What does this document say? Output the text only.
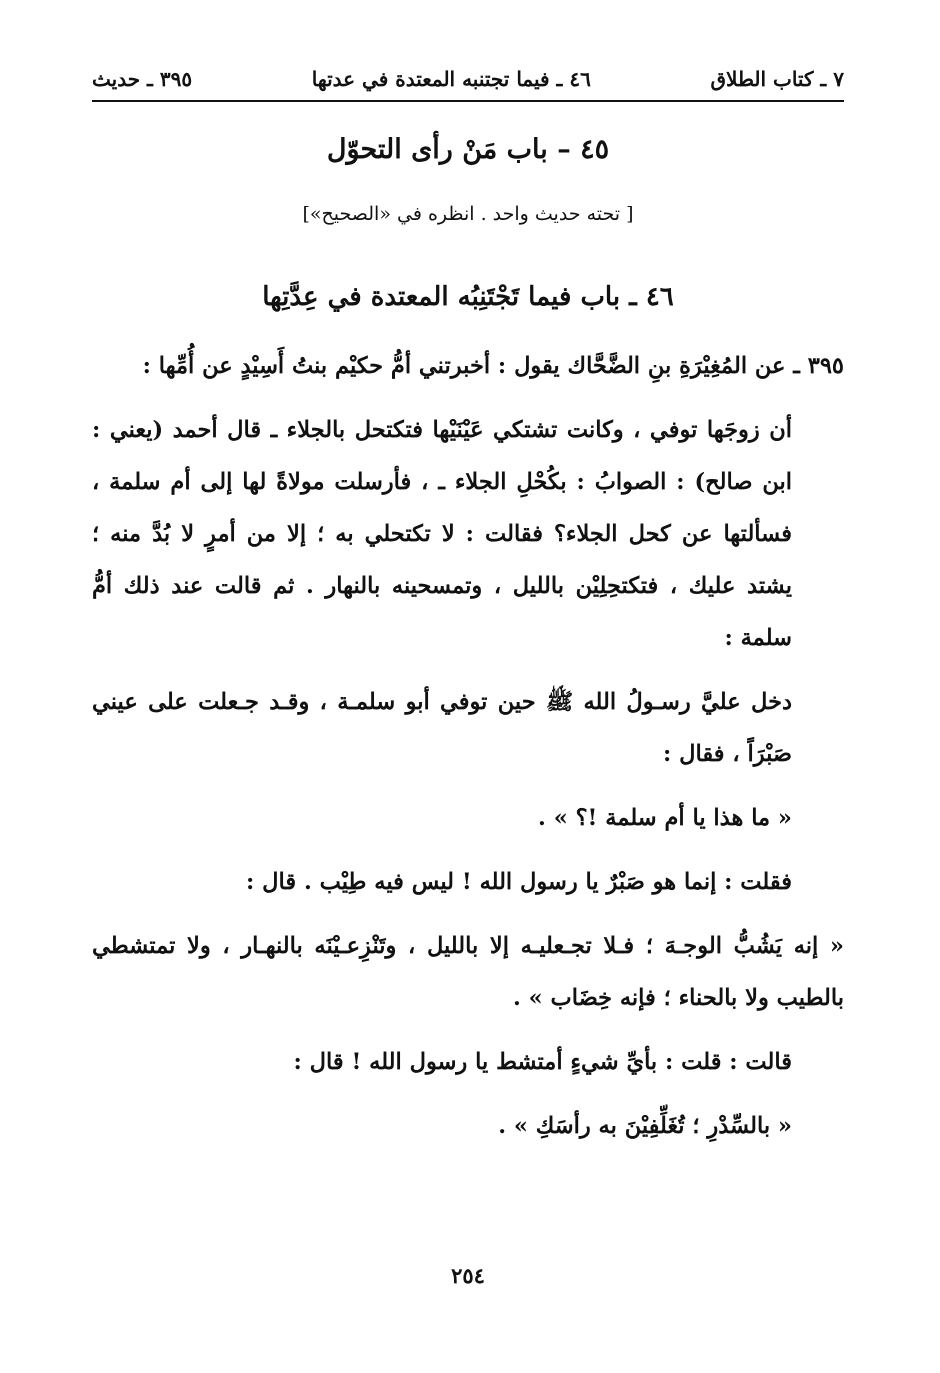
٧ ـ كتاب الطلاق
٤٦ ـ فيما تجتنبه المعتدة في عدتها
٣٩٥ ـ حديث
٤٥ – باب مَنْ رأى التحوّل
[ تحته حديث واحد . انظره في «الصحيح»]
٤٦ ـ باب فيما تَجْتَنِبُه المعتدة في عِدَّتِها

٣٩٥ ـ عن المُغِيْرَةِ بنِ الضَّحَّاك يقول : أخبرتني أمُّ حكيْم بنتُ أَسِيْدٍ عن أُمِّها :

أن زوجَها توفي ، وكانت تشتكي عَيْنَيْها فتكتحل بالجلاء ـ قال أحمد (يعني : ابن صالح) : الصوابُ : بكُحْلِ الجلاء ـ ، فأرسلت مولاةً لها إلى أم سلمة ، فسألتها عن كحل الجلاء؟ فقالت : لا تكتحلي به ؛ إلا من أمرٍ لا بُدَّ منه ؛ يشتد عليك ، فتكتحِلِيْن بالليل ، وتمسحينه بالنهار . ثم قالت عند ذلك أمُّ سلمة :

دخل عليَّ رسـولُ الله ﷺ حين توفي أبو سلمـة ، وقـد جـعلت على عيني صَبْرَاً ، فقال :

« ما هذا يا أم سلمة !؟ » .

فقلت : إنما هو صَبْرٌ يا رسول الله ! ليس فيه طِيْب . قال :

« إنه يَشُبُّ الوجـهَ ؛ فـلا تجـعليـه إلا بالليل ، وتَنْزِعـيْنَه بالنهـار ، ولا تمتشطي بالطيب ولا بالحناء ؛ فإنه خِضَاب » .

قالت : قلت : بأيِّ شيءٍ أمتشط يا رسول الله ! قال :

« بالسِّدْرِ ؛ تُغَلِّفِيْنَ به رأسَكِ » .

٢٥٤
